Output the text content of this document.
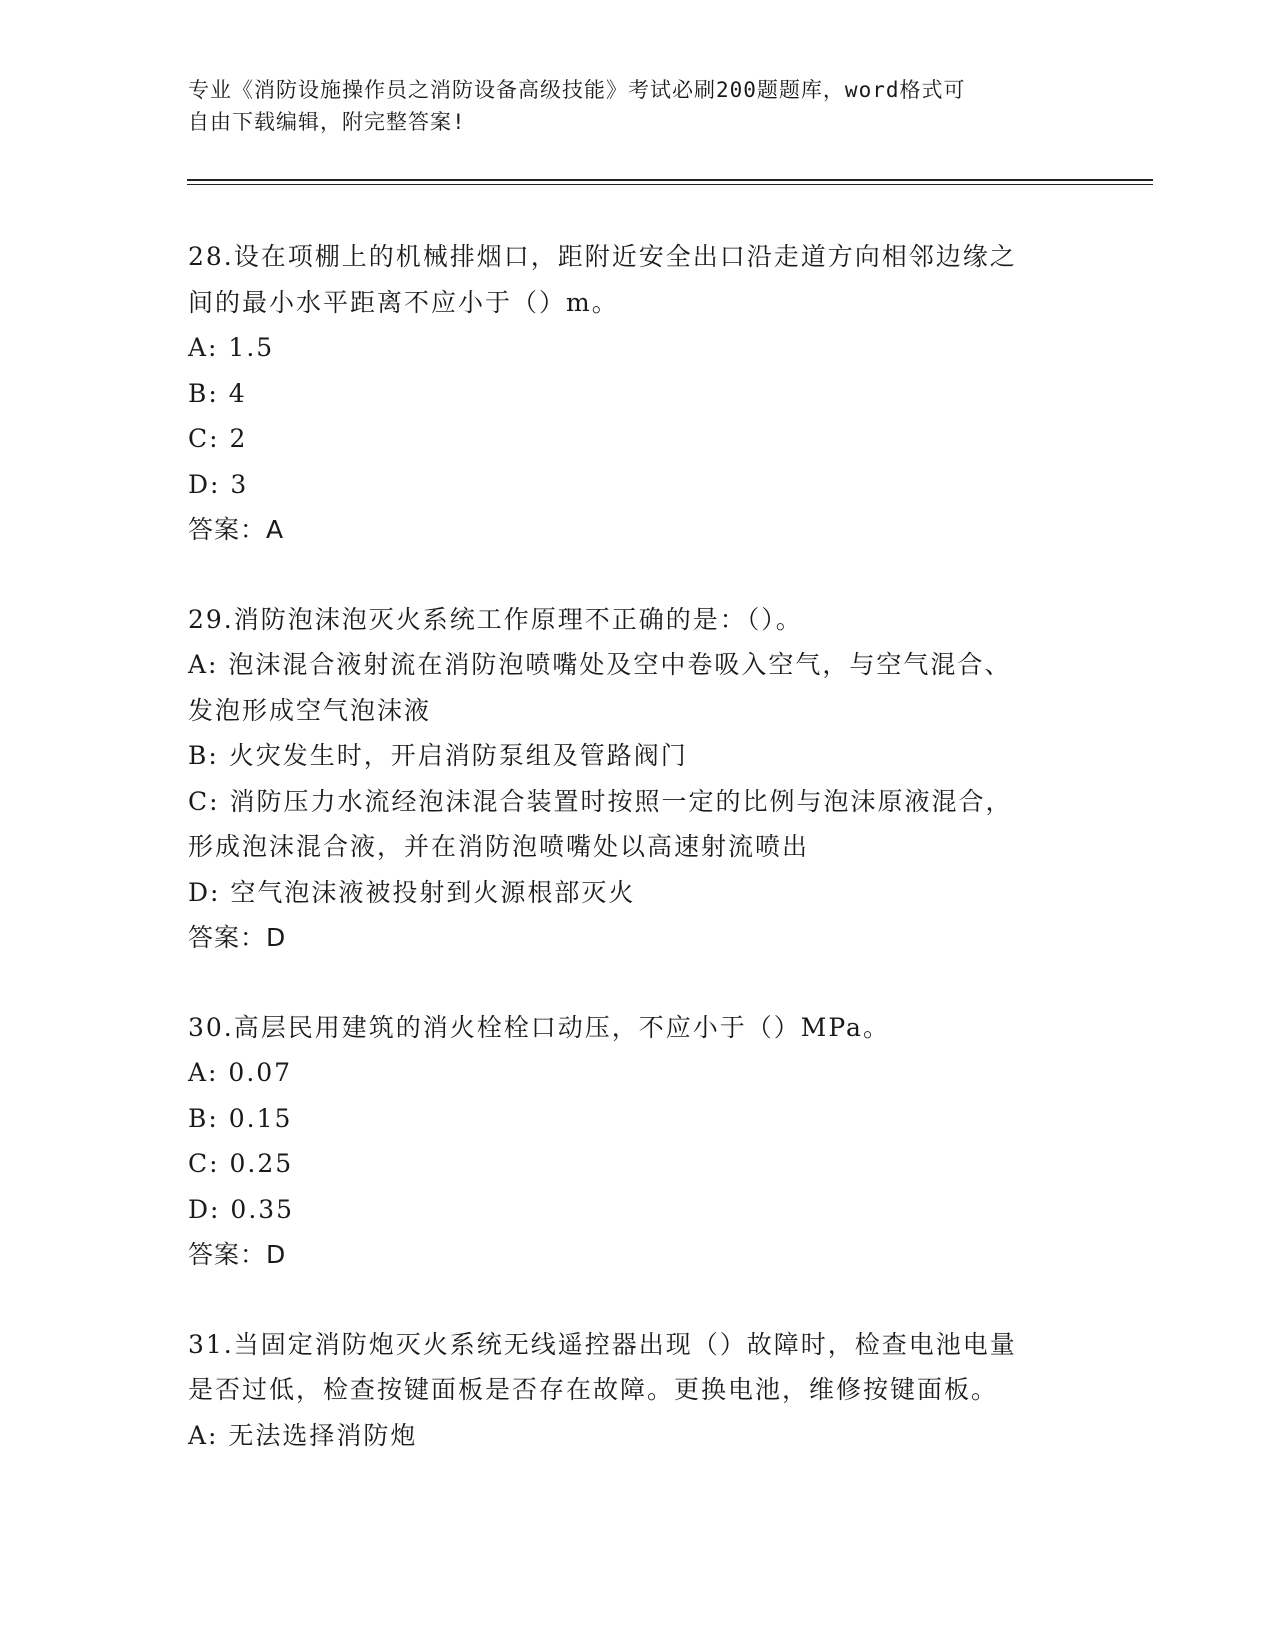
专业《消防设施操作员之消防设备高级技能》考试必刷200题题库，word格式可
自由下载编辑，附完整答案!
28.设在项棚上的机械排烟口，距附近安全出口沿走道方向相邻边缘之
间的最小水平距离不应小于（）m。
A: 1.5
B: 4
C: 2
D: 3
答案：A
29.消防泡沫泡灭火系统工作原理不正确的是：（）。
A: 泡沫混合液射流在消防泡喷嘴处及空中卷吸入空气，与空气混合、
发泡形成空气泡沫液
B: 火灾发生时，开启消防泵组及管路阀门
C: 消防压力水流经泡沫混合装置时按照一定的比例与泡沫原液混合，
形成泡沫混合液，并在消防泡喷嘴处以高速射流喷出
D: 空气泡沫液被投射到火源根部灭火
答案：D
30.高层民用建筑的消火栓栓口动压，不应小于（）MPa。
A: 0.07
B: 0.15
C: 0.25
D: 0.35
答案：D
31.当固定消防炮灭火系统无线遥控器出现（）故障时，检查电池电量
是否过低，检查按键面板是否存在故障。更换电池，维修按键面板。
A: 无法选择消防炮
